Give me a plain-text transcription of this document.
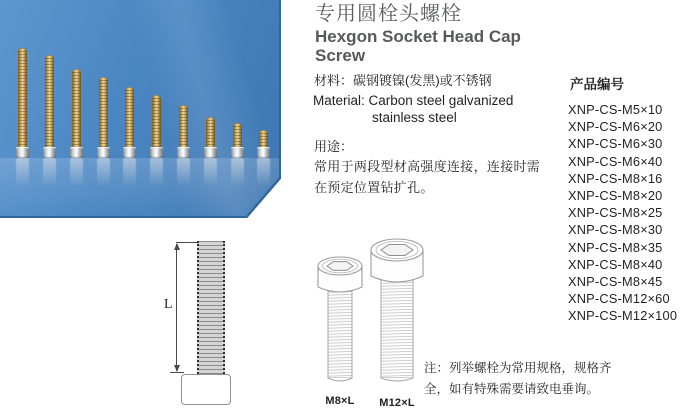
专用圆栓头螺栓
Hexgon Socket Head Cap Screw
材料：碳钢镀镍(发黑)或不锈钢
Material: Carbon steel galvanized
stainless steel
用途：
常用于两段型材高强度连接，连接时需
在预定位置钻扩孔。
产品编号
XNP-CS-M5×10
XNP-CS-M6×20
XNP-CS-M6×30
XNP-CS-M6×40
XNP-CS-M8×16
XNP-CS-M8×20
XNP-CS-M8×25
XNP-CS-M8×30
XNP-CS-M8×35
XNP-CS-M8×40
XNP-CS-M8×45
XNP-CS-M12×60
XNP-CS-M12×100
注：列举螺栓为常用规格，规格齐
全，如有特殊需要请致电垂询。
L
M8×L	M12×L
